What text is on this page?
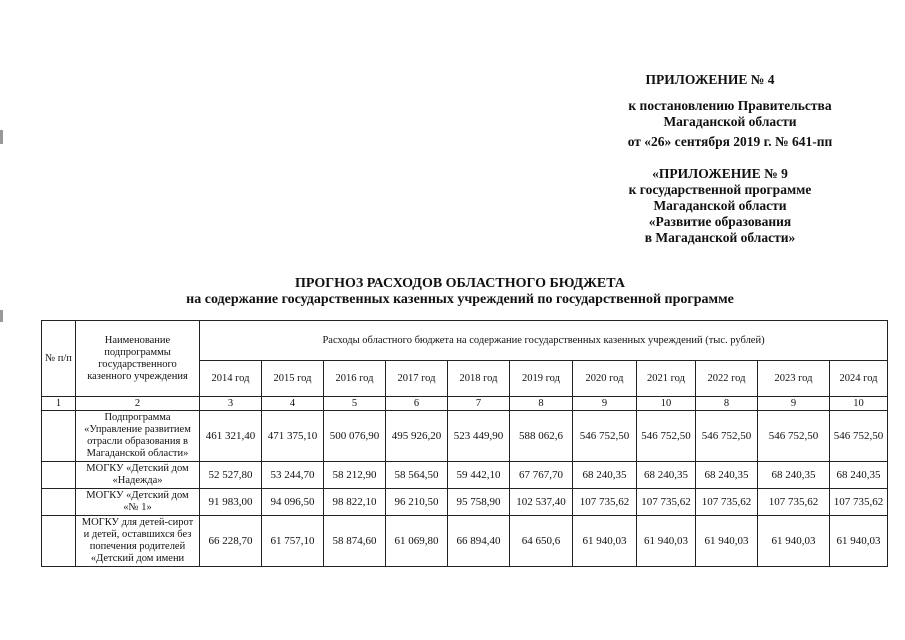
ПРИЛОЖЕНИЕ № 4
к постановлению Правительства
Магаданской области
от «26» сентября 2019 г. № 641-пп
«ПРИЛОЖЕНИЕ № 9
к государственной программе
Магаданской области
«Развитие образования
в Магаданской области»
ПРОГНОЗ РАСХОДОВ ОБЛАСТНОГО БЮДЖЕТА
на содержание государственных казенных учреждений по государственной программе
№ п/п	Наименование подпрограммы государственного казенного учреждения	Расходы областного бюджета на содержание государственных казенных учреждений (тыс. рублей)										
		2014 год	2015 год	2016 год	2017 год	2018 год	2019 год	2020 год	2021 год	2022 год	2023 год	2024 год
1	2	3	4	5	6	7	8	9	10	8	9	10
	Подпрограмма «Управление развитием отрасли образования в Магаданской области»	461 321,40	471 375,10	500 076,90	495 926,20	523 449,90	588 062,6	546 752,50	546 752,50	546 752,50	546 752,50	546 752,50
	МОГКУ «Детский дом «Надежда»	52 527,80	53 244,70	58 212,90	58 564,50	59 442,10	67 767,70	68 240,35	68 240,35	68 240,35	68 240,35	68 240,35
	МОГКУ «Детский дом «№ 1»	91 983,00	94 096,50	98 822,10	96 210,50	95 758,90	102 537,40	107 735,62	107 735,62	107 735,62	107 735,62	107 735,62
	МОГКУ для детей-сирот и детей, оставшихся без попечения родителей «Детский дом имени	66 228,70	61 757,10	58 874,60	61 069,80	66 894,40	64 650,6	61 940,03	61 940,03	61 940,03	61 940,03	61 940,03
